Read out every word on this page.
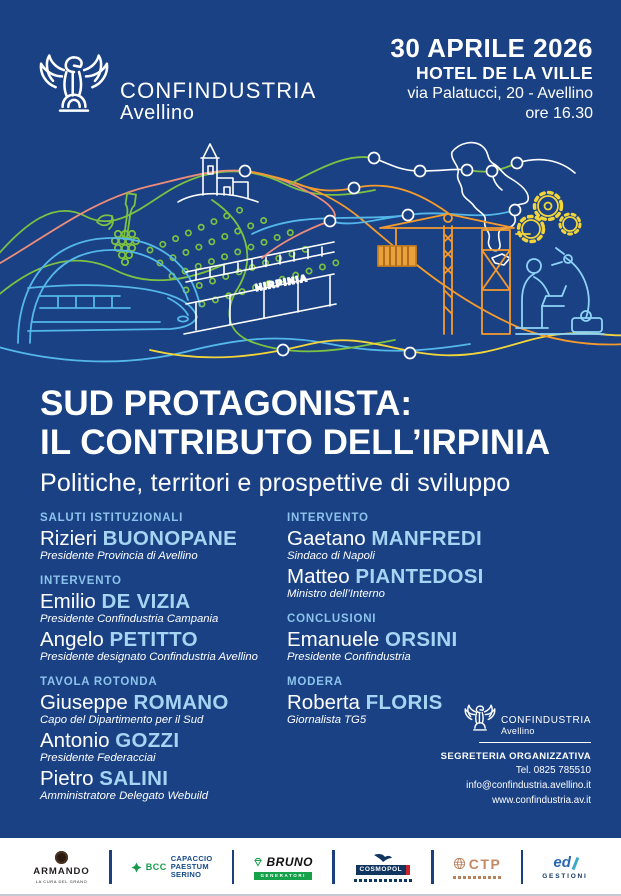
CONFINDUSTRIA
Avellino
30 APRILE 2026
HOTEL DE LA VILLE
via Palatucci, 20 - Avellino
ore 16.30
HIRPINIA
SUD PROTAGONISTA:
IL CONTRIBUTO DELL’IRPINIA
Politiche, territori e prospettive di sviluppo
SALUTI ISTITUZIONALI
Rizieri BUONOPANE
Presidente Provincia di Avellino
INTERVENTO
Emilio DE VIZIA
Presidente Confindustria Campania
Angelo PETITTO
Presidente designato Confindustria Avellino
TAVOLA ROTONDA
Giuseppe ROMANO
Capo del Dipartimento per il Sud
Antonio GOZZI
Presidente Federacciai
Pietro SALINI
Amministratore Delegato Webuild
INTERVENTO
Gaetano MANFREDI
Sindaco di Napoli
Matteo PIANTEDOSI
Ministro dell’Interno
CONCLUSIONI
Emanuele ORSINI
Presidente Confindustria
MODERA
Roberta FLORIS
Giornalista TG5	CONFINDUSTRIA
Avellino
SEGRETERIA ORGANIZZATIVA
Tel. 0825 785510
info@confindustria.avellino.it
www.confindustria.av.it
ARMANDO
LA CURA DEL GRANO
BCC
CAPACCIO
PAESTUM
SERINO
BRUNO
GENERATORI
COSMOPOL	CTP	ed
GESTIONI
